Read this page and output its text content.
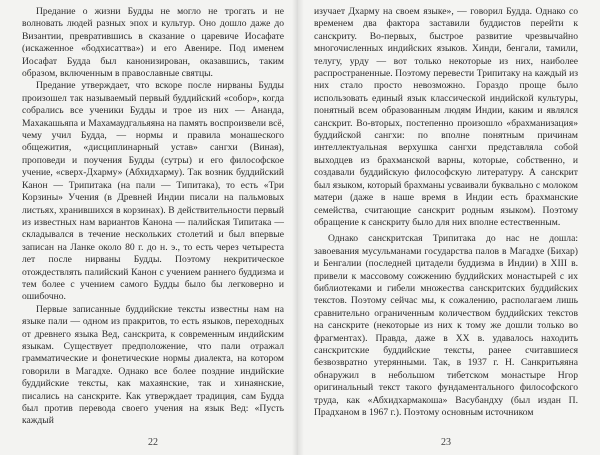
Предание о жизни Будды не могло не трогать и не волновать людей разных эпох и культур. Оно дошло даже до Византии, превратившись в сказание о царевиче Иосафате (искаженное «бодхисаттва») и его Авенире. Под именем Иосафат Будда был канонизирован, оказавшись, таким образом, включенным в православные святцы.

Предание утверждает, что вскоре после нирваны Будды произошел так называемый первый буддийский «собор», когда собрались все ученики Будды и трое из них — Ананда, Махакашьяпа и Махамаудгальяяна на память воспроизвели всё, чему учил Будда, — нормы и правила монашеского общежития, «дисциплинарный устав» сангхи (Виная), проповеди и поучения Будды (сутры) и его философское учение, «сверх-Дхарму» (Абхидхарму). Так возник буддийский Канон — Трипитака (на пали — Типитака), то есть «Три Корзины» Учения (в Древней Индии писали на пальмовых листьях, хранившихся в корзинах). В действительности первый из известных нам вариантов Канона — палийская Типитака — складывался в течение нескольких столетий и был впервые записан на Ланке около 80 г. до н. э., то есть через четыреста лет после нирваны Будды. Поэтому некритическое отождествлять палийский Канон с учением раннего буддизма и тем более с учением самого Будды было бы легковерно и ошибочно.

Первые записанные буддийские тексты известны нам на языке пали — одном из пракритов, то есть языков, переходных от древнего языка Вед, санскрита, к современным индийским языкам. Существует предположение, что пали отражал грамматические и фонетические нормы диалекта, на котором говорили в Магадхе. Однако все более поздние индийские буддийские тексты, как махаянские, так и хинаянские, писались на санскрите. Как утверждает традиция, сам Будда был против перевода своего учения на язык Вед: «Пусть каждый

22

изучает Дхарму на своем языке», — говорил Будда. Однако со временем два фактора заставили буддистов перейти к санскриту. Во-первых, быстрое развитие чрезвычайно многочисленных индийских языков. Хинди, бенгали, тамили, телугу, урду — вот только некоторые из них, наиболее распространенные. Поэтому перевести Трипитаку на каждый из них стало просто невозможно. Гораздо проще было использовать единый язык классической индийской культуры, понятный всем образованным людям Индии, каким и являлся санскрит. Во-вторых, постепенно произошло «брахманизация» буддийской сангхи: по вполне понятным причинам интеллектуальная верхушка сангхи представляла собой выходцев из брахманской варны, которые, собственно, и создавали буддийскую философскую литературу. А санскрит был языком, который брахманы усваивали буквально с молоком матери (даже в наше время в Индии есть брахманские семейства, считающие санскрит родным языком). Поэтому обращение к санскриту было для них вполне естественным.

Однако санскритская Трипитака до нас не дошла: завоевания мусульманами государства палов в Магадхе (Бихар) и Бенгалии (последней цитадели буддизма в Индии) в XIII в. привели к массовому сожжению буддийских монастырей с их библиотеками и гибели множества санскритских буддийских текстов. Поэтому сейчас мы, к сожалению, располагаем лишь сравнительно ограниченным количеством буддийских текстов на санскрите (некоторые из них к тому же дошли только во фрагментах). Правда, даже в XX в. удавалось находить санскритские буддийские тексты, ранее считавшиеся безвозвратно утерянными. Так, в 1937 г. Н. Санкритьяяна обнаружил в небольшом тибетском монастыре Нгор оригинальный текст такого фундаментального философского труда, как «Абхидхармакоша» Васубандху (был издан П. Прадханом в 1967 г.). Поэтому основным источником

23
